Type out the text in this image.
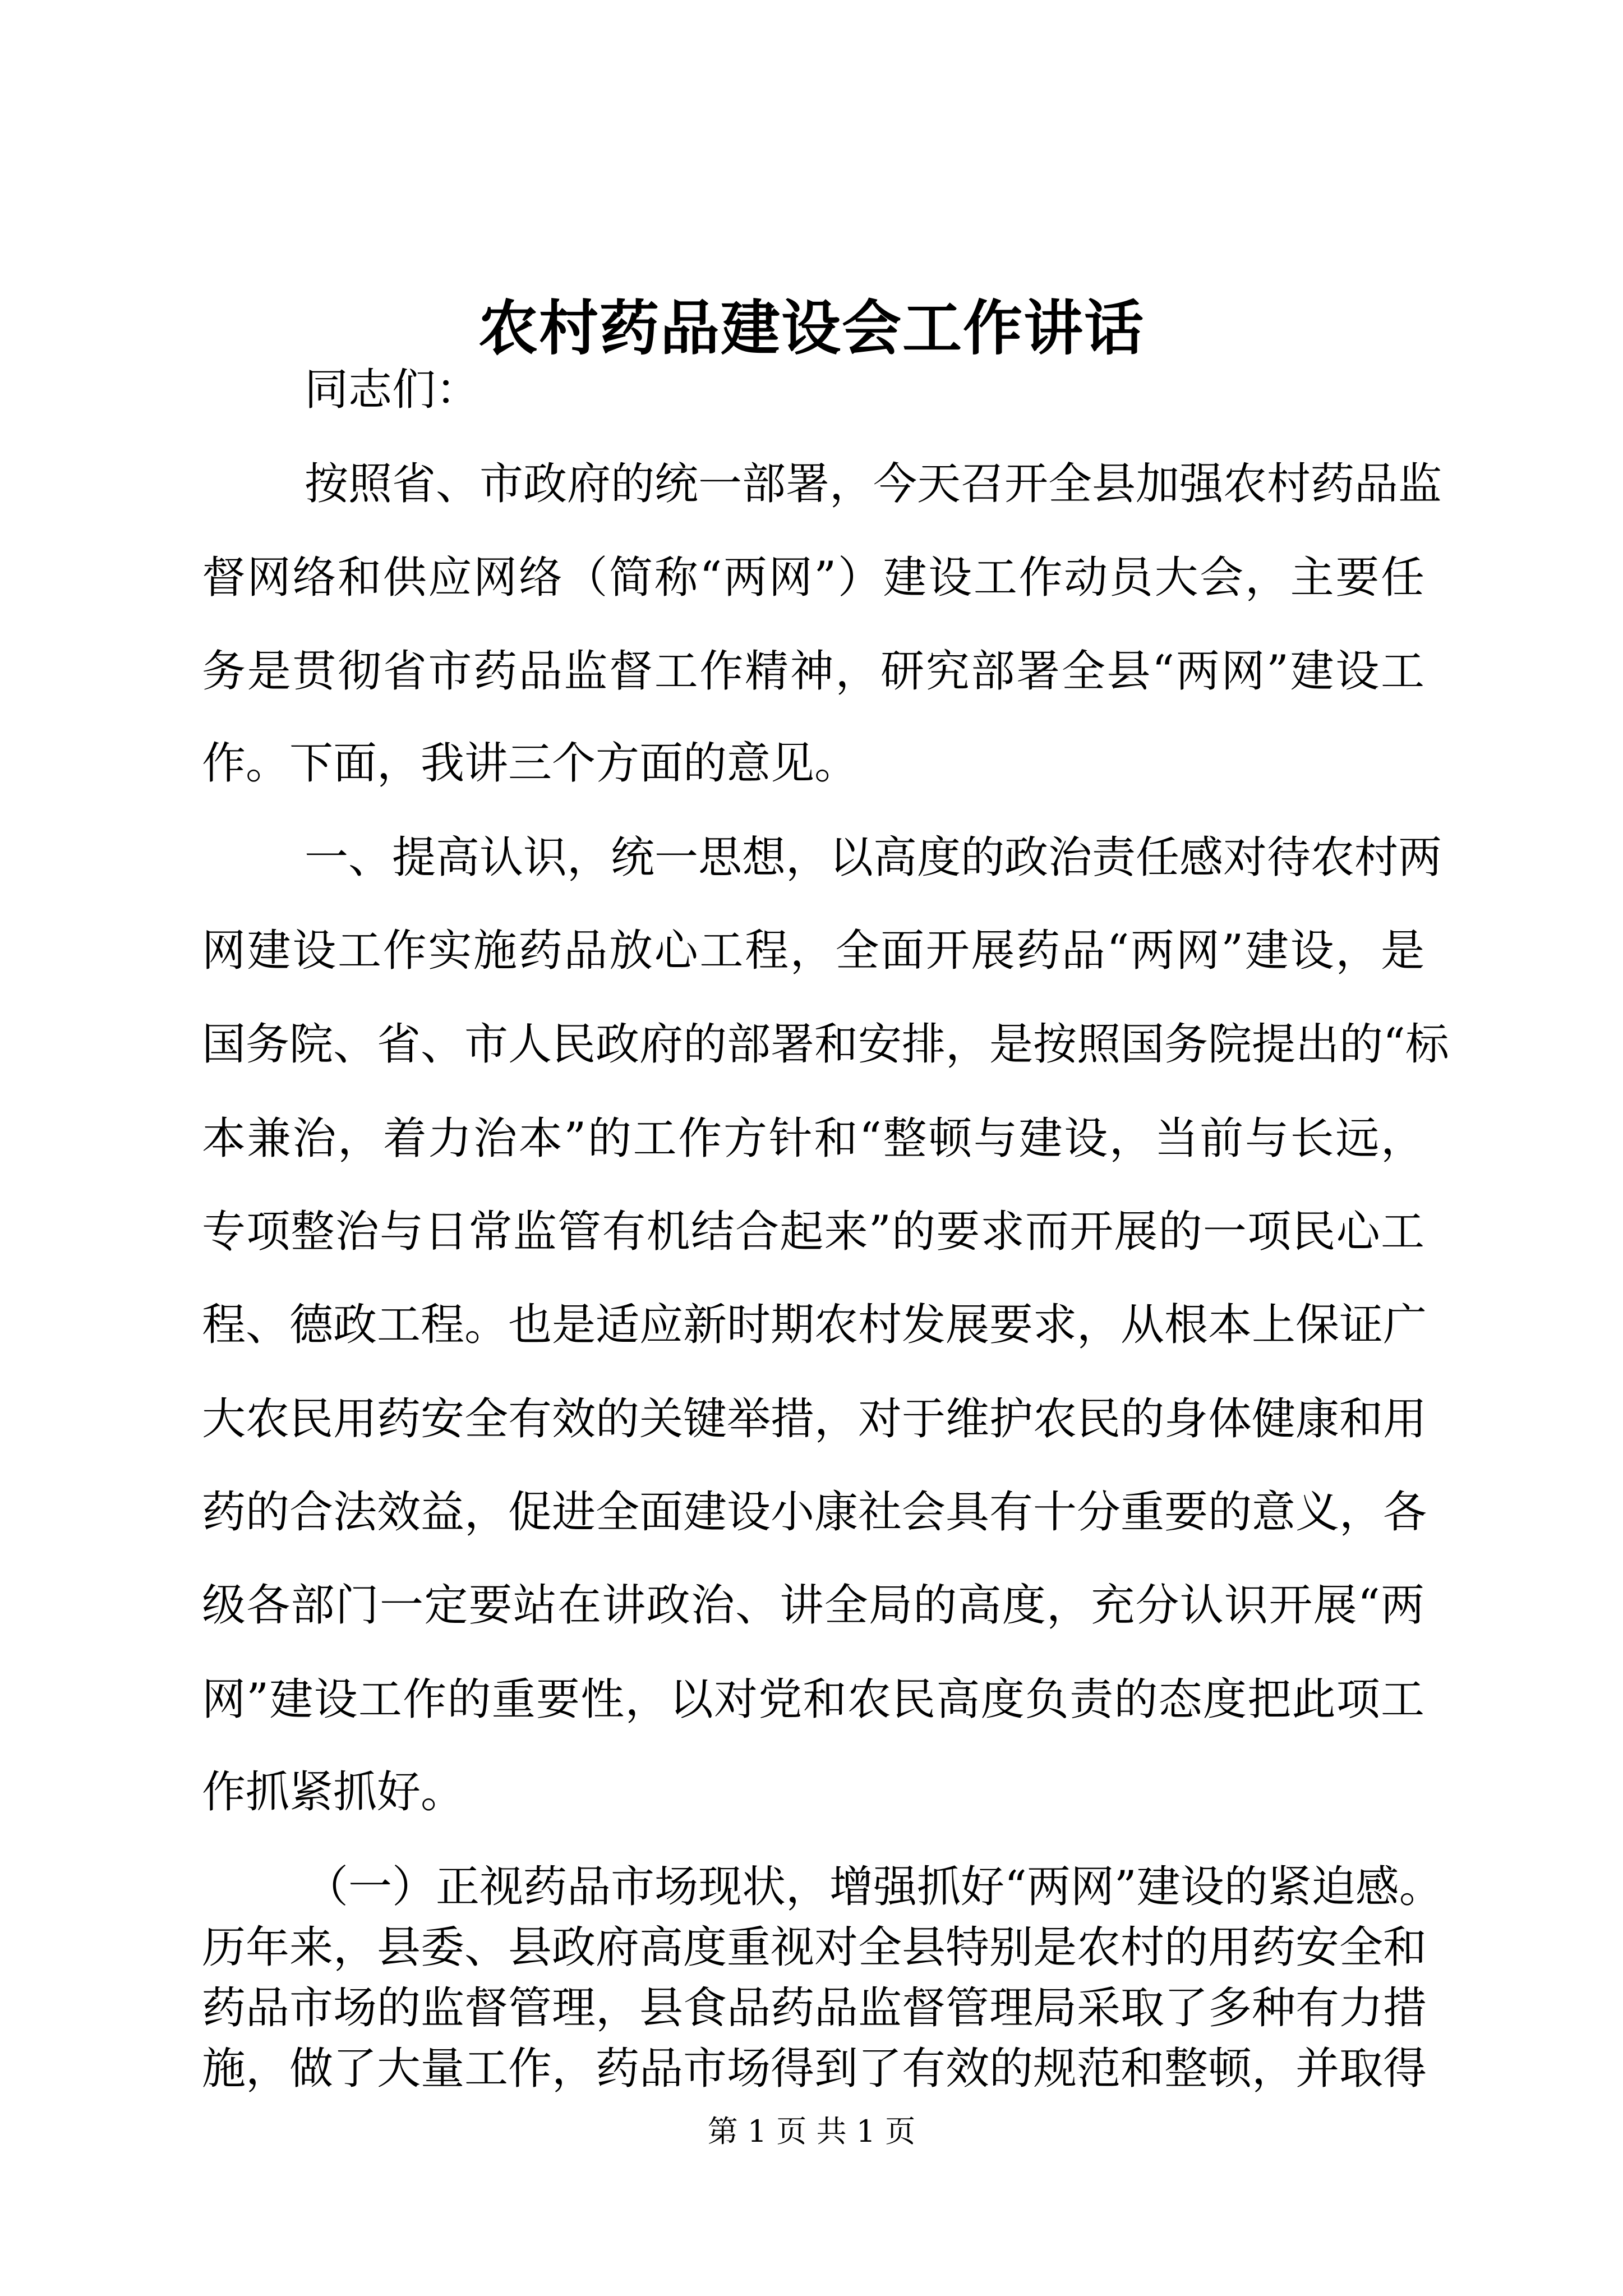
农村药品建设会工作讲话
同志们：
按照省、市政府的统一部署，今天召开全县加强农村药品监
督网络和供应网络（简称“两网”）建设工作动员大会，主要任
务是贯彻省市药品监督工作精神，研究部署全县“两网”建设工
作。下面，我讲三个方面的意见。
一、提高认识，统一思想，以高度的政治责任感对待农村两
网建设工作实施药品放心工程，全面开展药品“两网”建设，是
国务院、省、市人民政府的部署和安排，是按照国务院提出的“标
本兼治，着力治本”的工作方针和“整顿与建设，当前与长远，
专项整治与日常监管有机结合起来”的要求而开展的一项民心工
程、德政工程。也是适应新时期农村发展要求，从根本上保证广
大农民用药安全有效的关键举措，对于维护农民的身体健康和用
药的合法效益，促进全面建设小康社会具有十分重要的意义，各
级各部门一定要站在讲政治、讲全局的高度，充分认识开展“两
网”建设工作的重要性，以对党和农民高度负责的态度把此项工
作抓紧抓好。
（一）正视药品市场现状，增强抓好“两网”建设的紧迫感。
历年来，县委、县政府高度重视对全县特别是农村的用药安全和
药品市场的监督管理，县食品药品监督管理局采取了多种有力措
施，做了大量工作，药品市场得到了有效的规范和整顿，并取得
第 1 页 共 1 页
